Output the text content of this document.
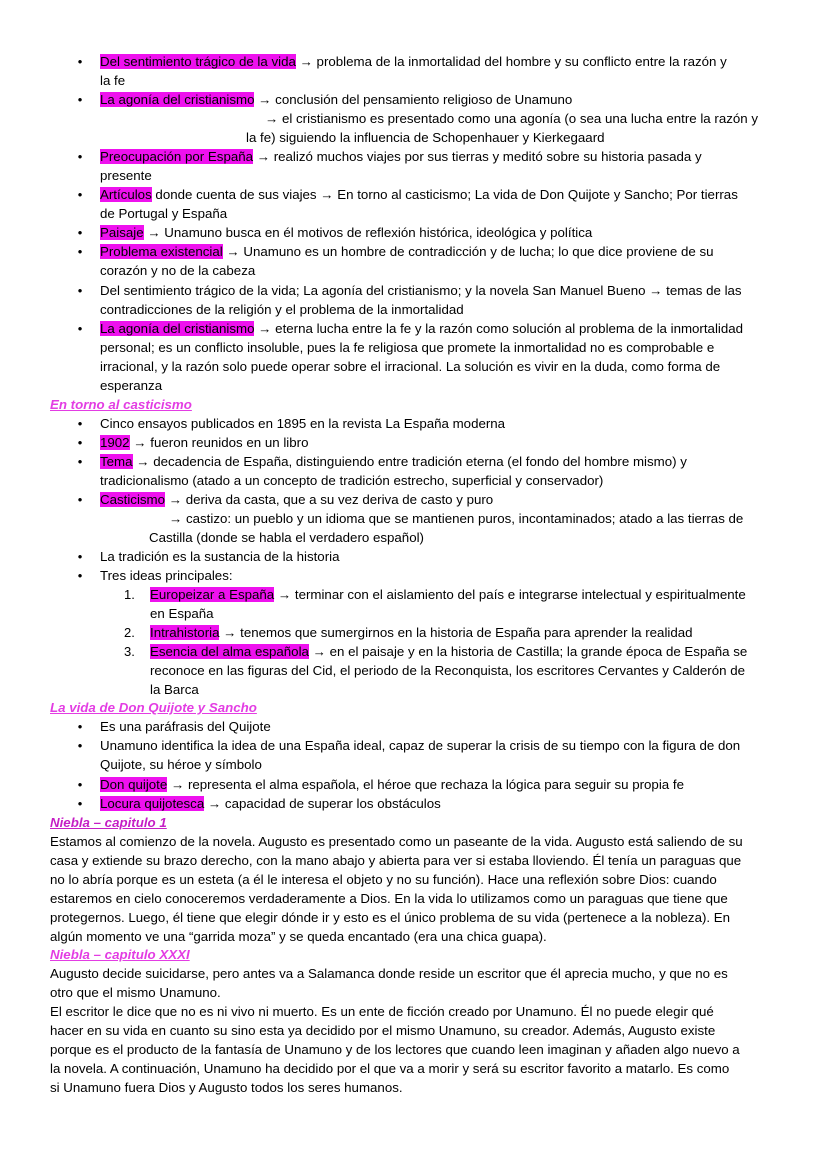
• Del sentimiento trágico de la vida → problema de la inmortalidad del hombre y su conflicto entre la razón y
la fe
• La agonía del cristianismo → conclusión del pensamiento religioso de Unamuno
→ el cristianismo es presentado como una agonía (o sea una lucha entre la razón y
la fe) siguiendo la influencia de Schopenhauer y Kierkegaard
• Preocupación por España → realizó muchos viajes por sus tierras y meditó sobre su historia pasada y
presente
• Artículos donde cuenta de sus viajes → En torno al casticismo; La vida de Don Quijote y Sancho; Por tierras
de Portugal y España
• Paisaje → Unamuno busca en él motivos de reflexión histórica, ideológica y política
• Problema existencial → Unamuno es un hombre de contradicción y de lucha; lo que dice proviene de su
corazón y no de la cabeza
• Del sentimiento trágico de la vida; La agonía del cristianismo; y la novela San Manuel Bueno → temas de las
contradicciones de la religión y el problema de la inmortalidad
• La agonía del cristianismo → eterna lucha entre la fe y la razón como solución al problema de la inmortalidad
personal; es un conflicto insoluble, pues la fe religiosa que promete la inmortalidad no es comprobable e
irracional, y la razón solo puede operar sobre el irracional. La solución es vivir en la duda, como forma de
esperanza
En torno al casticismo
• Cinco ensayos publicados en 1895 en la revista La España moderna
• 1902 → fueron reunidos en un libro
• Tema → decadencia de España, distinguiendo entre tradición eterna (el fondo del hombre mismo) y
tradicionalismo (atado a un concepto de tradición estrecho, superficial y conservador)
• Casticismo → deriva da casta, que a su vez deriva de casto y puro
→ castizo: un pueblo y un idioma que se mantienen puros, incontaminados; atado a las tierras de
Castilla (donde se habla el verdadero español)
• La tradición es la sustancia de la historia
• Tres ideas principales:
1. Europeizar a España → terminar con el aislamiento del país e integrarse intelectual y espiritualmente
en España
2. Intrahistoria → tenemos que sumergirnos en la historia de España para aprender la realidad
3. Esencia del alma española → en el paisaje y en la historia de Castilla; la grande época de España se
reconoce en las figuras del Cid, el periodo de la Reconquista, los escritores Cervantes y Calderón de
la Barca
La vida de Don Quijote y Sancho
• Es una paráfrasis del Quijote
• Unamuno identifica la idea de una España ideal, capaz de superar la crisis de su tiempo con la figura de don
Quijote, su héroe y símbolo
• Don quijote → representa el alma española, el héroe que rechaza la lógica para seguir su propia fe
• Locura quijotesca → capacidad de superar los obstáculos
Niebla – capitulo 1
Estamos al comienzo de la novela. Augusto es presentado como un paseante de la vida. Augusto está saliendo de su
casa y extiende su brazo derecho, con la mano abajo y abierta para ver si estaba lloviendo. Él tenía un paraguas que
no lo abría porque es un esteta (a él le interesa el objeto y no su función). Hace una reflexión sobre Dios: cuando
estaremos en cielo conoceremos verdaderamente a Dios. En la vida lo utilizamos como un paraguas que tiene que
protegernos. Luego, él tiene que elegir dónde ir y esto es el único problema de su vida (pertenece a la nobleza). En
algún momento ve una “garrida moza” y se queda encantado (era una chica guapa).
Niebla – capitulo XXXI
Augusto decide suicidarse, pero antes va a Salamanca donde reside un escritor que él aprecia mucho, y que no es
otro que el mismo Unamuno.
El escritor le dice que no es ni vivo ni muerto. Es un ente de ficción creado por Unamuno. Él no puede elegir qué
hacer en su vida en cuanto su sino esta ya decidido por el mismo Unamuno, su creador. Además, Augusto existe
porque es el producto de la fantasía de Unamuno y de los lectores que cuando leen imaginan y añaden algo nuevo a
la novela. A continuación, Unamuno ha decidido por el que va a morir y será su escritor favorito a matarlo. Es como
si Unamuno fuera Dios y Augusto todos los seres humanos.
